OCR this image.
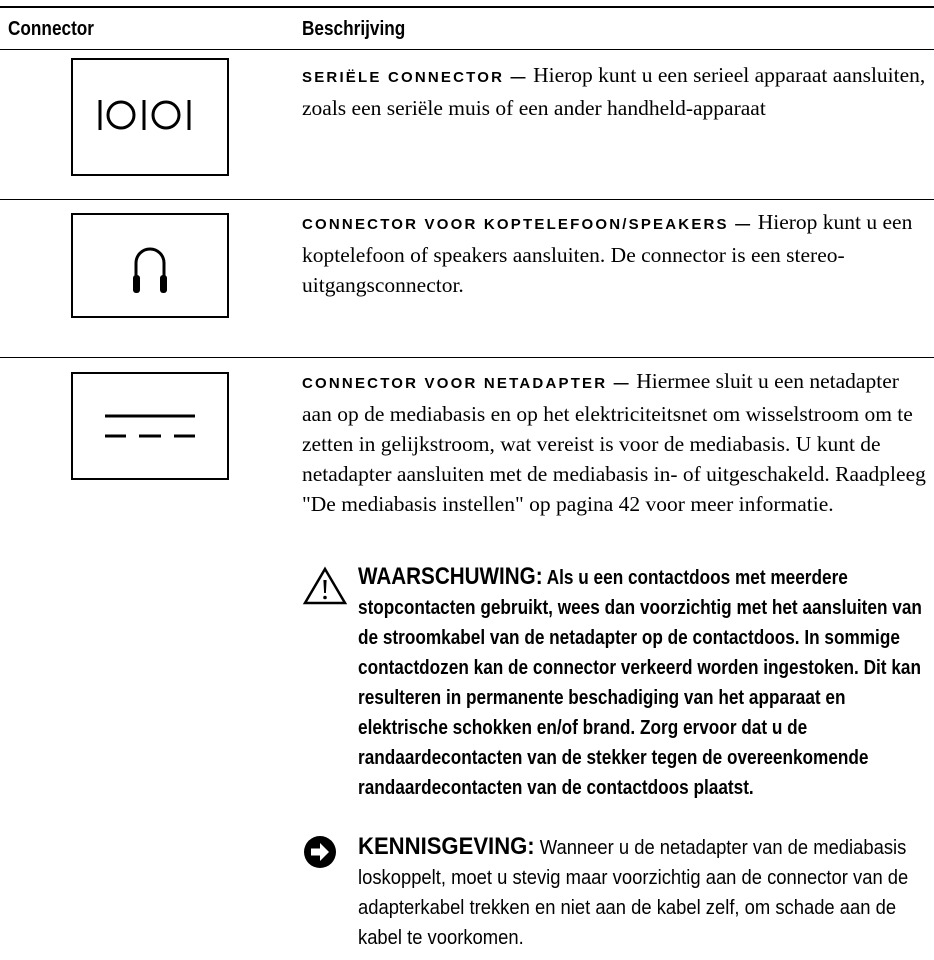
Connector	Beschrijving
SERIËLE CONNECTOR — Hierop kunt u een serieel apparaat aansluiten, zoals een seriële muis of een ander handheld-apparaat
CONNECTOR VOOR KOPTELEFOON/SPEAKERS — Hierop kunt u een koptelefoon of speakers aansluiten. De connector is een stereo-uitgangsconnector.
CONNECTOR VOOR NETADAPTER — Hiermee sluit u een netadapter aan op de mediabasis en op het elektriciteitsnet om wisselstroom om te zetten in gelijkstroom, wat vereist is voor de mediabasis. U kunt de netadapter aansluiten met de mediabasis in- of uitgeschakeld. Raadpleeg "De mediabasis instellen" op pagina 42 voor meer informatie.
WAARSCHUWING: Als u een contactdoos met meerdere stopcontacten gebruikt, wees dan voorzichtig met het aansluiten van de stroomkabel van de netadapter op de contactdoos. In sommige contactdozen kan de connector verkeerd worden ingestoken. Dit kan resulteren in permanente beschadiging van het apparaat en elektrische schokken en/of brand. Zorg ervoor dat u de randaardecontacten van de stekker tegen de overeenkomende randaardecontacten van de contactdoos plaatst.
KENNISGEVING: Wanneer u de netadapter van de mediabasis loskoppelt, moet u stevig maar voorzichtig aan de connector van de adapterkabel trekken en niet aan de kabel zelf, om schade aan de kabel te voorkomen.
